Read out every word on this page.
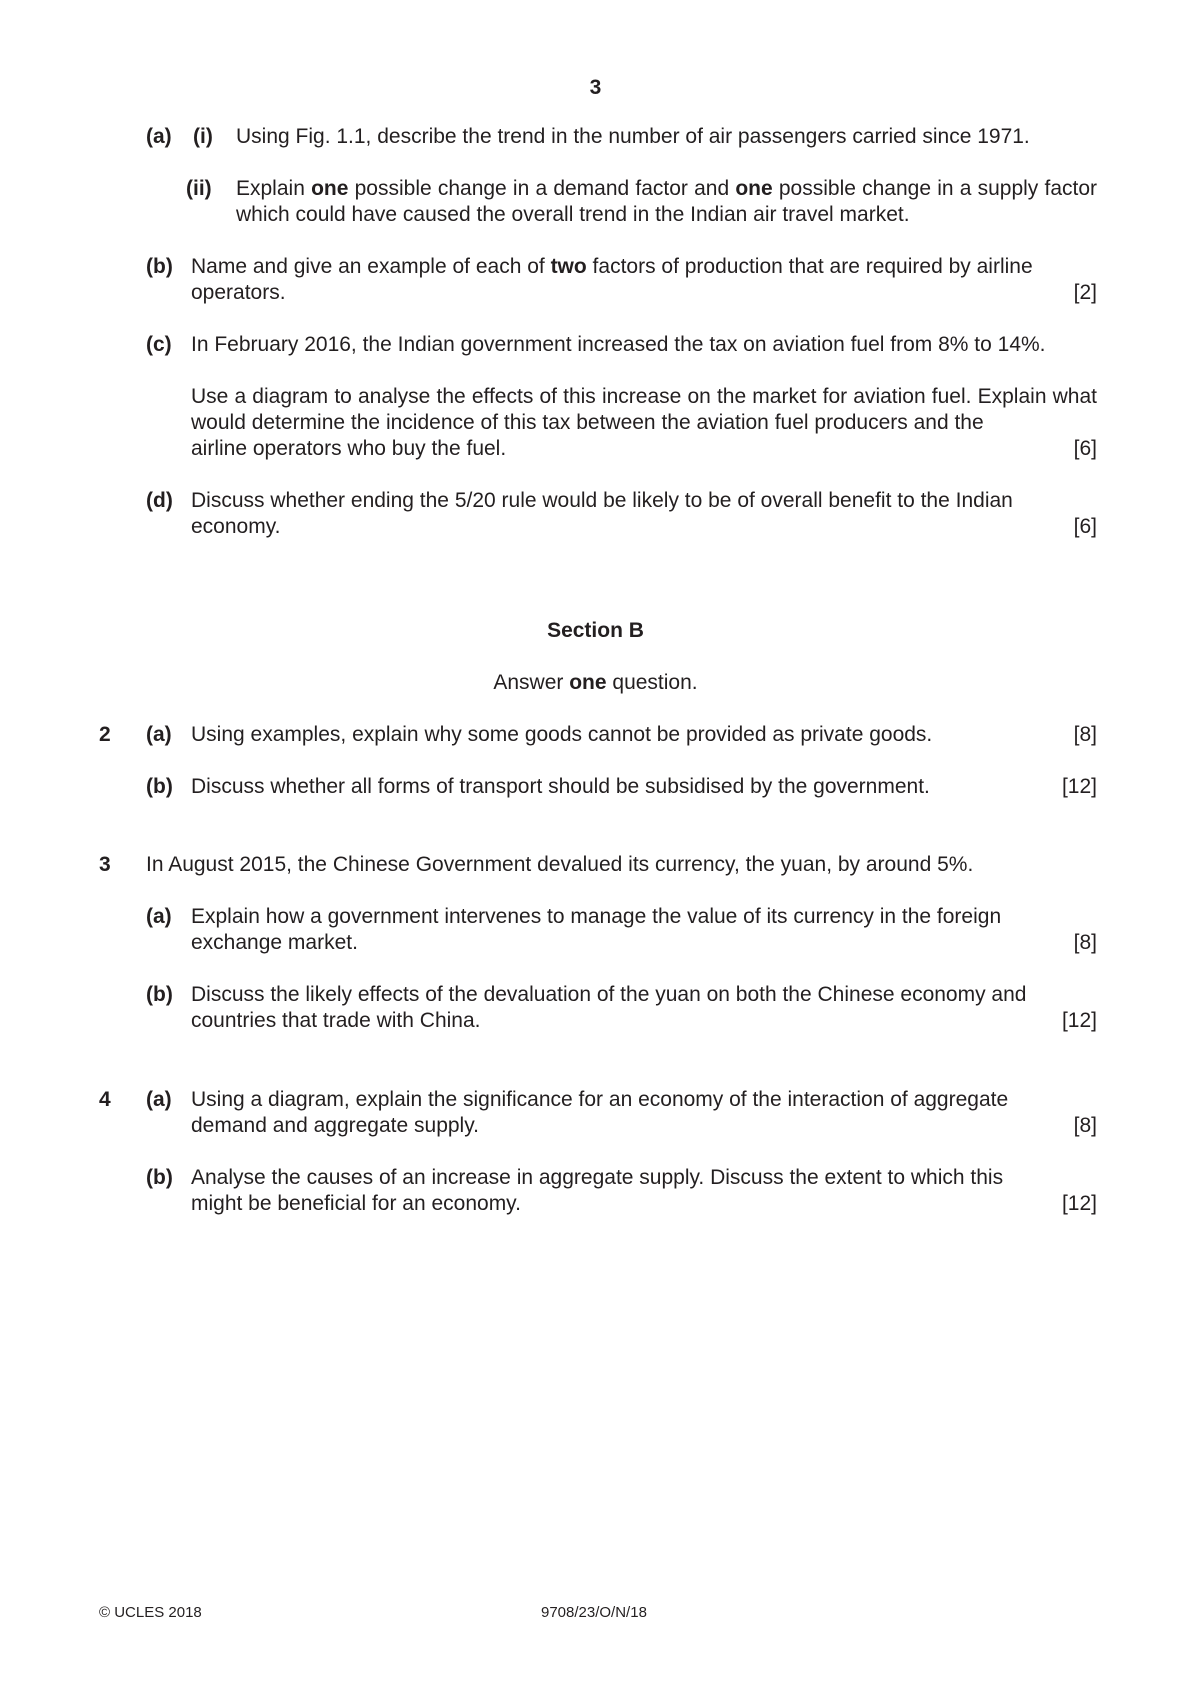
3
(a) (i) Using Fig. 1.1, describe the trend in the number of air passengers carried since 1971.
(ii) Explain one possible change in a demand factor and one possible change in a supply factor which could have caused the overall trend in the Indian air travel market.
(b) Name and give an example of each of two factors of production that are required by airline

operators.	[2]
(c) In February 2016, the Indian government increased the tax on aviation fuel from 8% to 14%.

Use a diagram to analyse the effects of this increase on the market for aviation fuel. Explain what would determine the incidence of this tax between the aviation fuel producers and the

airline operators who buy the fuel.	[6]
(d) Discuss whether ending the 5/20 rule would be likely to be of overall benefit to the Indian

economy.	[6]
Section B
Answer one question.
2 (a) Using examples, explain why some goods cannot be provided as private goods.	[8]
(b) Discuss whether all forms of transport should be subsidised by the government.	[12]
3 In August 2015, the Chinese Government devalued its currency, the yuan, by around 5%.
(a) Explain how a government intervenes to manage the value of its currency in the foreign

exchange market.	[8]
(b) Discuss the likely effects of the devaluation of the yuan on both the Chinese economy and

countries that trade with China.	[12]
4 (a) Using a diagram, explain the significance for an economy of the interaction of aggregate

demand and aggregate supply.	[8]
(b) Analyse the causes of an increase in aggregate supply. Discuss the extent to which this

might be beneficial for an economy.	[12]
© UCLES 2018	9708/23/O/N/18
